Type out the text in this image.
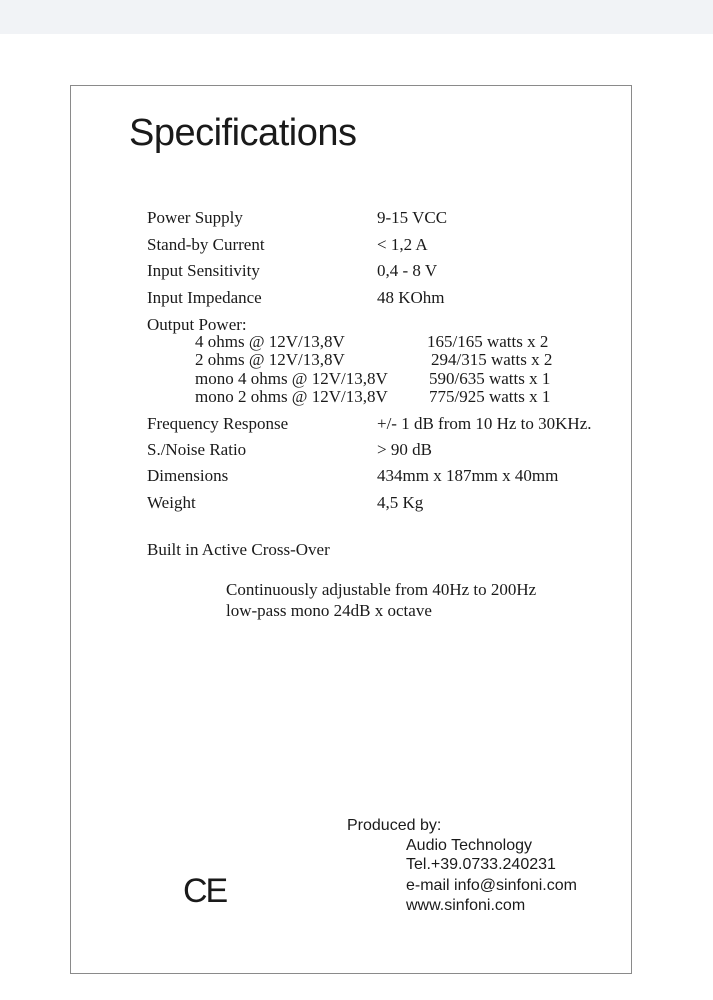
Specifications
Power Supply	9-15 VCC
Stand-by Current	< 1,2 A
Input Sensitivity	0,4 - 8 V
Input Impedance	48 KOhm
Output Power:
4 ohms @ 12V/13,8V	165/165 watts x 2
2 ohms @ 12V/13,8V	294/315 watts x 2
mono 4 ohms @ 12V/13,8V 590/635 watts x 1
mono 2 ohms @ 12V/13,8V 775/925 watts x 1
Frequency Response	+/- 1 dB from 10 Hz to 30KHz.
S./Noise Ratio	> 90 dB
Dimensions	434mm x 187mm x 40mm
Weight	4,5 Kg
Built in Active Cross-Over
Continuously adjustable from 40Hz to 200Hz
low-pass mono 24dB x octave
CE
Produced by:
Audio Technology
Tel.+39.0733.240231
e-mail info@sinfoni.com
www.sinfoni.com
